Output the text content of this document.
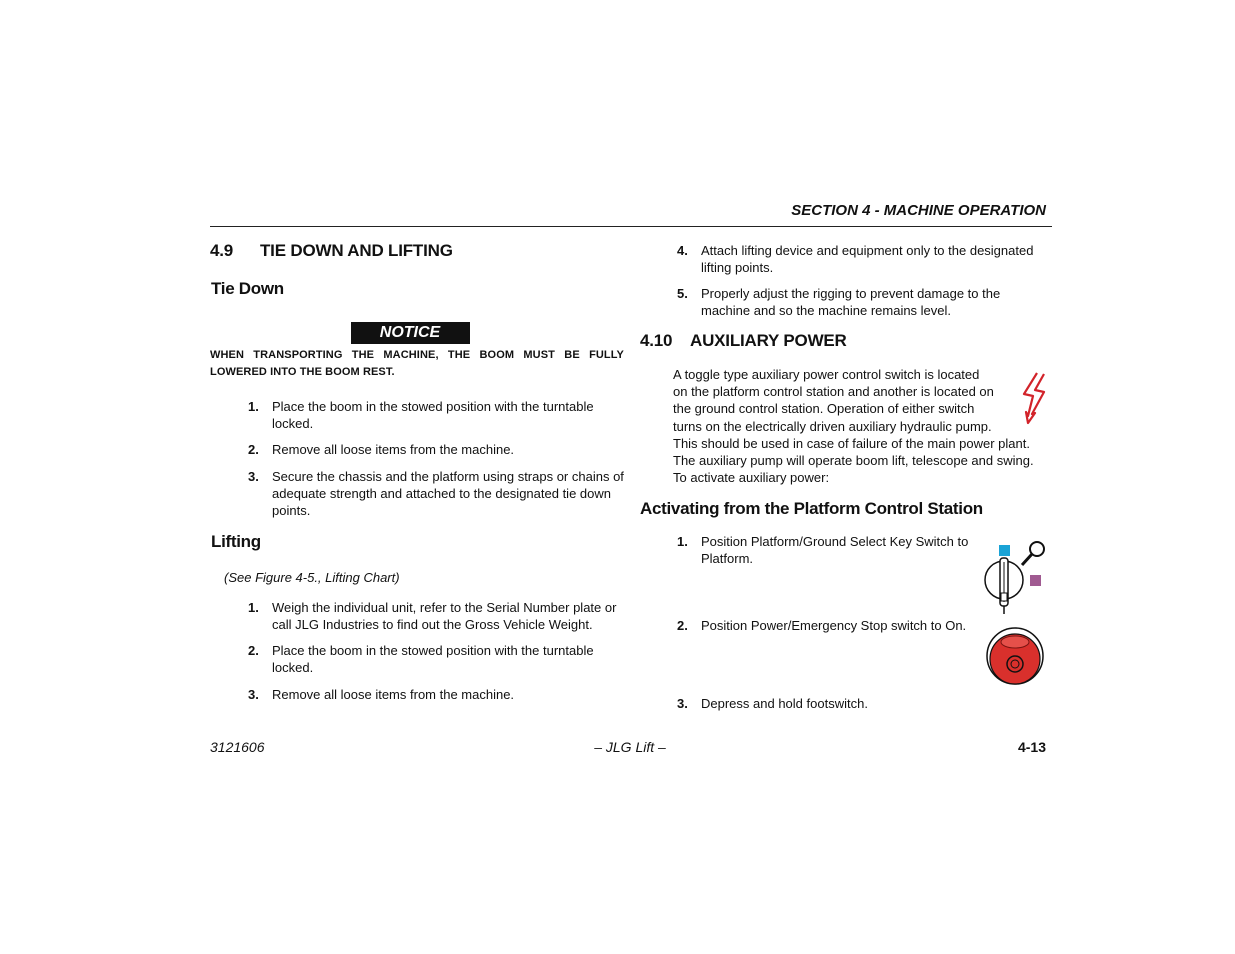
SECTION 4 - MACHINE OPERATION
4.9 TIE DOWN AND LIFTING
Tie Down
NOTICE
WHEN TRANSPORTING THE MACHINE, THE BOOM MUST BE FULLY LOWERED INTO THE BOOM REST.
1. Place the boom in the stowed position with the turntable
locked.
2. Remove all loose items from the machine.
3. Secure the chassis and the platform using straps or chains of
adequate strength and attached to the designated tie down
points.
Lifting
(See Figure 4-5., Lifting Chart)
1. Weigh the individual unit, refer to the Serial Number plate or
call JLG Industries to find out the Gross Vehicle Weight.
2. Place the boom in the stowed position with the turntable
locked.
3. Remove all loose items from the machine.
4. Attach lifting device and equipment only to the designated
lifting points.
5. Properly adjust the rigging to prevent damage to the
machine and so the machine remains level.
4.10 AUXILIARY POWER
A toggle type auxiliary power control switch is located
on the platform control station and another is located on
the ground control station. Operation of either switch
turns on the electrically driven auxiliary hydraulic pump.
This should be used in case of failure of the main power plant.
The auxiliary pump will operate boom lift, telescope and swing.
To activate auxiliary power:
Activating from the Platform Control Station
1. Position Platform/Ground Select Key Switch to
Platform.
2. Position Power/Emergency Stop switch to On.
3. Depress and hold footswitch.
3121606	– JLG Lift –	4-13
